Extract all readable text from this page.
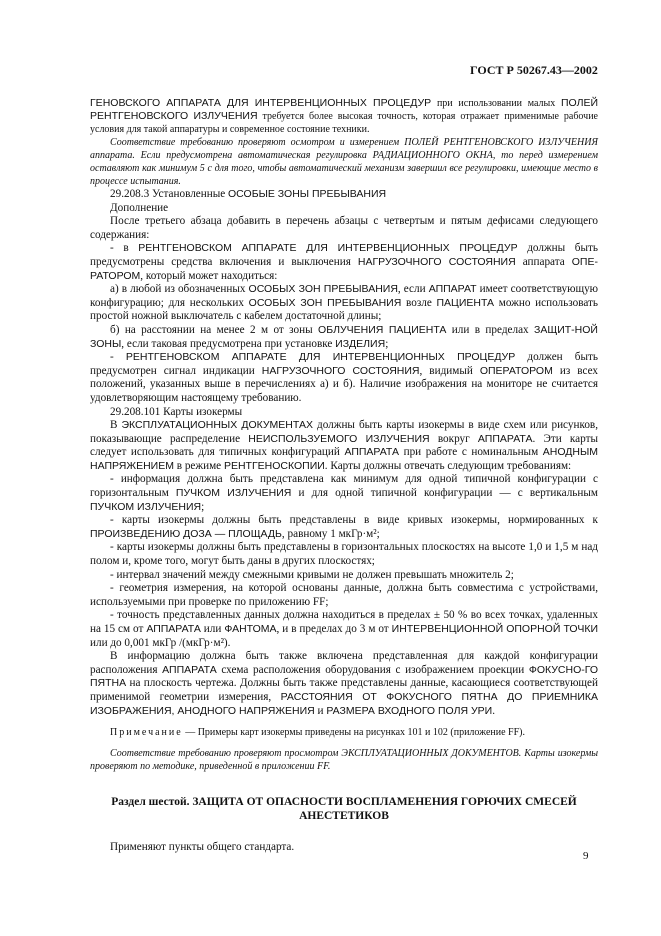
ГОСТ Р 50267.43—2002

ГЕНОВСКОГО АППАРАТА ДЛЯ ИНТЕРВЕНЦИОННЫХ ПРОЦЕДУР при использовании малых ПОЛЕЙ РЕНТГЕНОВСКОГО ИЗЛУЧЕНИЯ требуется более высокая точность, которая отражает применимые рабочие условия для такой аппаратуры и современное состояние техники.

Соответствие требованию проверяют осмотром и измерением ПОЛЕЙ РЕНТГЕНОВСКОГО ИЗЛУЧЕНИЯ аппарата. Если предусмотрена автоматическая регулировка РАДИАЦИОННОГО ОКНА, то перед измерением оставляют как минимум 5 с для того, чтобы автоматический механизм завершил все регулировки, имеющие место в процессе испытания.

29.208.3 Установленные ОСОБЫЕ ЗОНЫ ПРЕБЫВАНИЯ

Дополнение

После третьего абзаца добавить в перечень абзацы с четвертым и пятым дефисами следующего содержания:

- в РЕНТГЕНОВСКОМ АППАРАТЕ ДЛЯ ИНТЕРВЕНЦИОННЫХ ПРОЦЕДУР должны быть предусмотрены средства включения и выключения НАГРУЗОЧНОГО СОСТОЯНИЯ аппарата ОПЕ-РАТОРОМ, который может находиться:

а) в любой из обозначенных ОСОБЫХ ЗОН ПРЕБЫВАНИЯ, если АППАРАТ имеет соответствующую конфигурацию; для нескольких ОСОБЫХ ЗОН ПРЕБЫВАНИЯ возле ПАЦИЕНТА можно использовать простой ножной выключатель с кабелем достаточной длины;

б) на расстоянии на менее 2 м от зоны ОБЛУЧЕНИЯ ПАЦИЕНТА или в пределах ЗАЩИТ-НОЙ ЗОНЫ, если таковая предусмотрена при установке ИЗДЕЛИЯ;

- РЕНТГЕНОВСКОМ АППАРАТЕ ДЛЯ ИНТЕРВЕНЦИОННЫХ ПРОЦЕДУР должен быть предусмотрен сигнал индикации НАГРУЗОЧНОГО СОСТОЯНИЯ, видимый ОПЕРАТОРОМ из всех положений, указанных выше в перечислениях а) и б). Наличие изображения на мониторе не считается удовлетворяющим настоящему требованию.

29.208.101 Карты изокермы

В ЭКСПЛУАТАЦИОННЫХ ДОКУМЕНТАХ должны быть карты изокермы в виде схем или рисунков, показывающие распределение НЕИСПОЛЬЗУЕМОГО ИЗЛУЧЕНИЯ вокруг АППАРАТА. Эти карты следует использовать для типичных конфигураций АППАРАТА при работе с номинальным АНОДНЫМ НАПРЯЖЕНИЕМ в режиме РЕНТГЕНОСКОПИИ. Карты должны отвечать следующим требованиям:

- информация должна быть представлена как минимум для одной типичной конфигурации с горизонтальным ПУЧКОМ ИЗЛУЧЕНИЯ и для одной типичной конфигурации — с вертикальным ПУЧКОМ ИЗЛУЧЕНИЯ;

- карты изокермы должны быть представлены в виде кривых изокермы, нормированных к ПРОИЗВЕДЕНИЮ ДОЗА — ПЛОЩАДЬ, равному 1 мкГр·м²;

- карты изокермы должны быть представлены в горизонтальных плоскостях на высоте 1,0 и 1,5 м над полом и, кроме того, могут быть даны в других плоскостях;

- интервал значений между смежными кривыми не должен превышать множитель 2;

- геометрия измерения, на которой основаны данные, должна быть совместима с устройствами, используемыми при проверке по приложению FF;

- точность представленных данных должна находиться в пределах ± 50 % во всех точках, удаленных на 15 см от АППАРАТА или ФАНТОМА, и в пределах до 3 м от ИНТЕРВЕНЦИОННОЙ ОПОРНОЙ ТОЧКИ или до 0,001 мкГр /(мкГр·м²).

В информацию должна быть также включена представленная для каждой конфигурации расположения АППАРАТА схема расположения оборудования с изображением проекции ФОКУСНО-ГО ПЯТНА на плоскость чертежа. Должны быть также представлены данные, касающиеся соответствующей применимой геометрии измерения, РАССТОЯНИЯ ОТ ФОКУСНОГО ПЯТНА ДО ПРИЕМНИКА ИЗОБРАЖЕНИЯ, АНОДНОГО НАПРЯЖЕНИЯ и РАЗМЕРА ВХОДНОГО ПОЛЯ УРИ.

Примечание — Примеры карт изокермы приведены на рисунках 101 и 102 (приложение FF).

Соответствие требованию проверяют просмотром ЭКСПЛУАТАЦИОННЫХ ДОКУМЕНТОВ. Карты изокермы проверяют по методике, приведенной в приложении FF.

Раздел шестой. ЗАЩИТА ОТ ОПАСНОСТИ ВОСПЛАМЕНЕНИЯ ГОРЮЧИХ СМЕСЕЙ АНЕСТЕТИКОВ

Применяют пункты общего стандарта.

9
